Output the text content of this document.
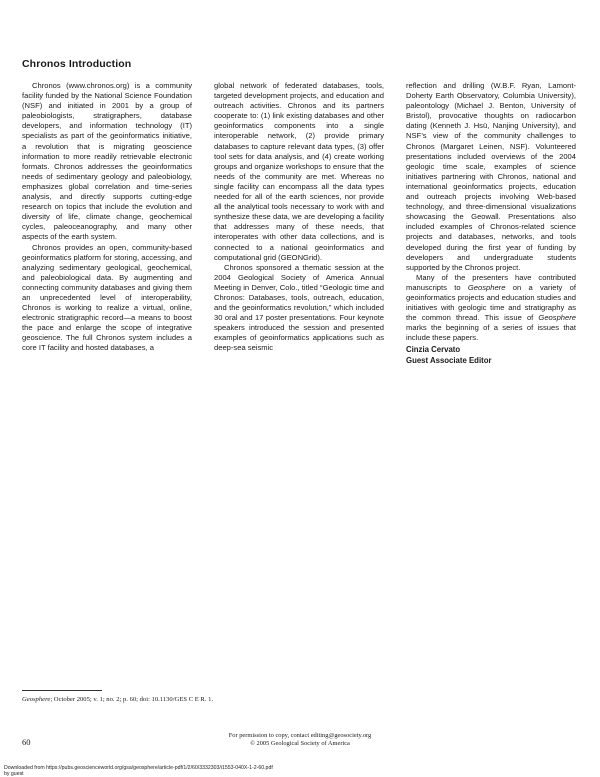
Chronos Introduction

Chronos (www.chronos.org) is a community facility funded by the National Science Foundation (NSF) and initiated in 2001 by a group of paleobiologists, stratigraphers, database developers, and information technology (IT) specialists as part of the geoinformatics initiative, a revolution that is migrating geoscience information to more readily retrievable electronic formats. Chronos addresses the geoinformatics needs of sedimentary geology and paleobiology, emphasizes global correlation and time-series analysis, and directly supports cutting-edge research on topics that include the evolution and diversity of life, climate change, geochemical cycles, paleoceanography, and many other aspects of the earth system.

Chronos provides an open, community-based geoinformatics platform for storing, accessing, and analyzing sedimentary geological, geochemical, and paleobiological data. By augmenting and connecting community databases and giving them an unprecedented level of interoperability, Chronos is working to realize a virtual, online, electronic stratigraphic record—a means to boost the pace and enlarge the scope of integrative geoscience. The full Chronos system includes a core IT facility and hosted databases, a

global network of federated databases, tools, targeted development projects, and education and outreach activities. Chronos and its partners cooperate to: (1) link existing databases and other geoinformatics components into a single interoperable network, (2) provide primary databases to capture relevant data types, (3) offer tool sets for data analysis, and (4) create working groups and organize workshops to ensure that the needs of the community are met. Whereas no single facility can encompass all the data types needed for all of the earth sciences, nor provide all the analytical tools necessary to work with and synthesize these data, we are developing a facility that addresses many of these needs, that interoperates with other data collections, and is connected to a national geoinformatics and computational grid (GEONGrid).

Chronos sponsored a thematic session at the 2004 Geological Society of America Annual Meeting in Denver, Colo., titled “Geologic time and Chronos: Databases, tools, outreach, education, and the geoinformatics revolution,” which included 30 oral and 17 poster presentations. Four keynote speakers introduced the session and presented examples of geoinformatics applications such as deep-sea seismic

reflection and drilling (W.B.F. Ryan, Lamont-Doherty Earth Observatory, Columbia University), paleontology (Michael J. Benton, University of Bristol), provocative thoughts on radiocarbon dating (Kenneth J. Hsü, Nanjing University), and NSF’s view of the community challenges to Chronos (Margaret Leinen, NSF). Volunteered presentations included overviews of the 2004 geologic time scale, examples of science initiatives partnering with Chronos, national and international geoinformatics projects, education and outreach projects involving Web-based technology, and three-dimensional visualizations showcasing the Geowall. Presentations also included examples of Chronos-related science projects and databases, networks, and tools developed during the first year of funding by developers and undergraduate students supported by the Chronos project.

Many of the presenters have contributed manuscripts to Geosphere on a variety of geoinformatics projects and education studies and initiatives with geologic time and stratigraphy as the common thread. This issue of Geosphere marks the beginning of a series of issues that include these papers.

Cinzia Cervato
Guest Associate Editor
Geosphere; October 2005; v. 1; no. 2; p. 60; doi: 10.1130/GES C E R. 1.
60
For permission to copy, contact editing@geosociety.org
© 2005 Geological Society of America
Downloaded from https://pubs.geoscienceworld.org/gsa/geosphere/article-pdf/1/2/60/3332303/i1553-040X-1-2-60.pdf
by guest
